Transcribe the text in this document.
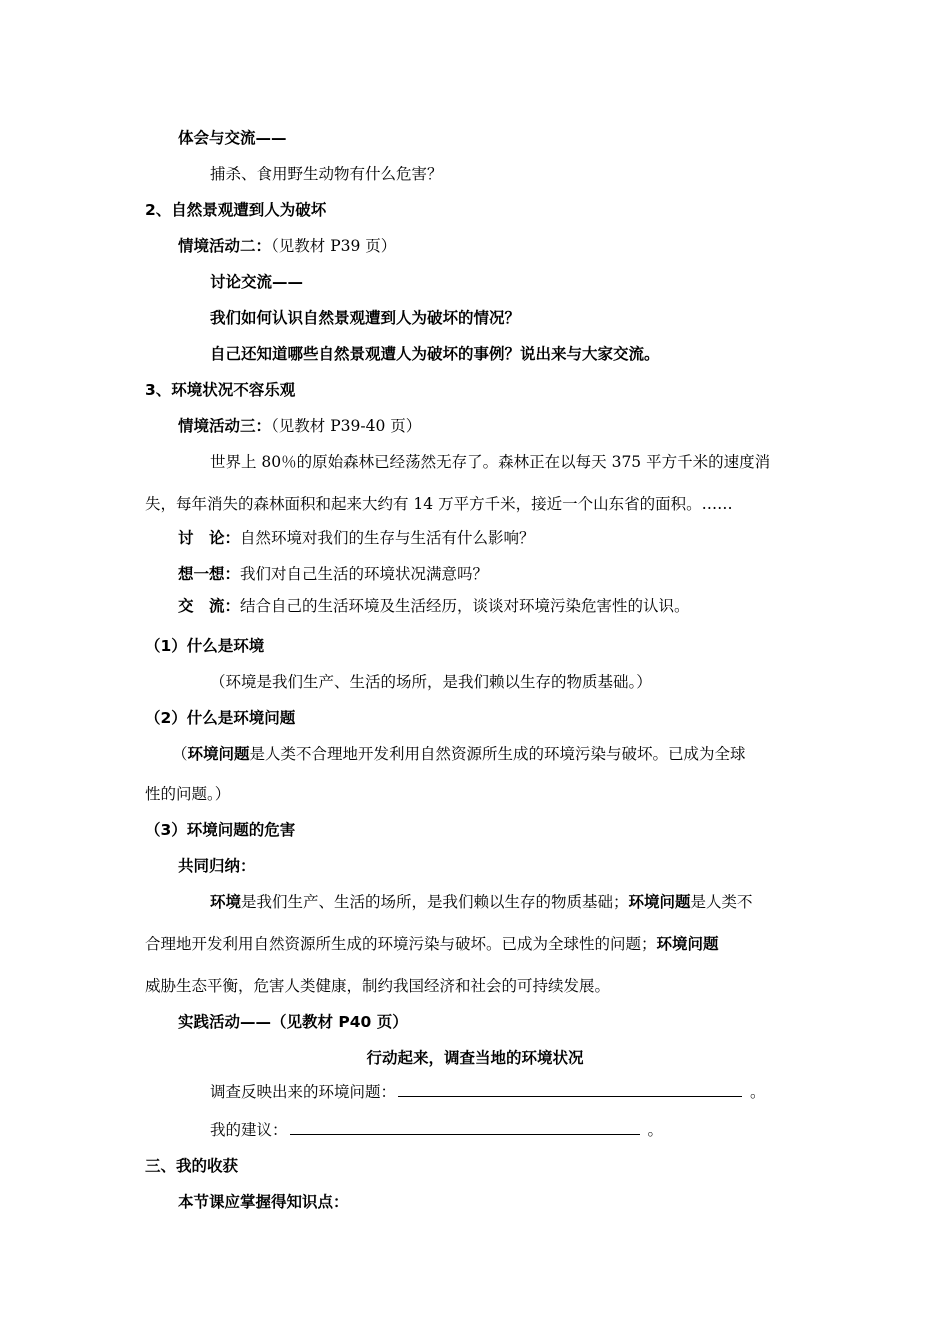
体会与交流——
捕杀、食用野生动物有什么危害？
2、自然景观遭到人为破坏
情境活动二：（见教材 P39 页）
讨论交流——
我们如何认识自然景观遭到人为破坏的情况？
自己还知道哪些自然景观遭人为破坏的事例？说出来与大家交流。
3、环境状况不容乐观
情境活动三：（见教材 P39-40 页）
世界上 80％的原始森林已经荡然无存了。森林正在以每天 375 平方千米的速度消
失，每年消失的森林面积和起来大约有 14 万平方千米，接近一个山东省的面积。……
讨　论：自然环境对我们的生存与生活有什么影响？
想一想：我们对自己生活的环境状况满意吗？
交　流：结合自己的生活环境及生活经历，谈谈对环境污染危害性的认识。
（1）什么是环境
（环境是我们生产、生活的场所，是我们赖以生存的物质基础。）
（2）什么是环境问题
（环境问题是人类不合理地开发利用自然资源所生成的环境污染与破坏。已成为全球
性的问题。）
（3）环境问题的危害
共同归纳：
环境是我们生产、生活的场所，是我们赖以生存的物质基础；环境问题是人类不
合理地开发利用自然资源所生成的环境污染与破坏。已成为全球性的问题；环境问题
威胁生态平衡，危害人类健康，制约我国经济和社会的可持续发展。
实践活动——（见教材 P40 页）
行动起来，调查当地的环境状况
调查反映出来的环境问题：	。
我的建议：	。
三、我的收获
本节课应掌握得知识点：
